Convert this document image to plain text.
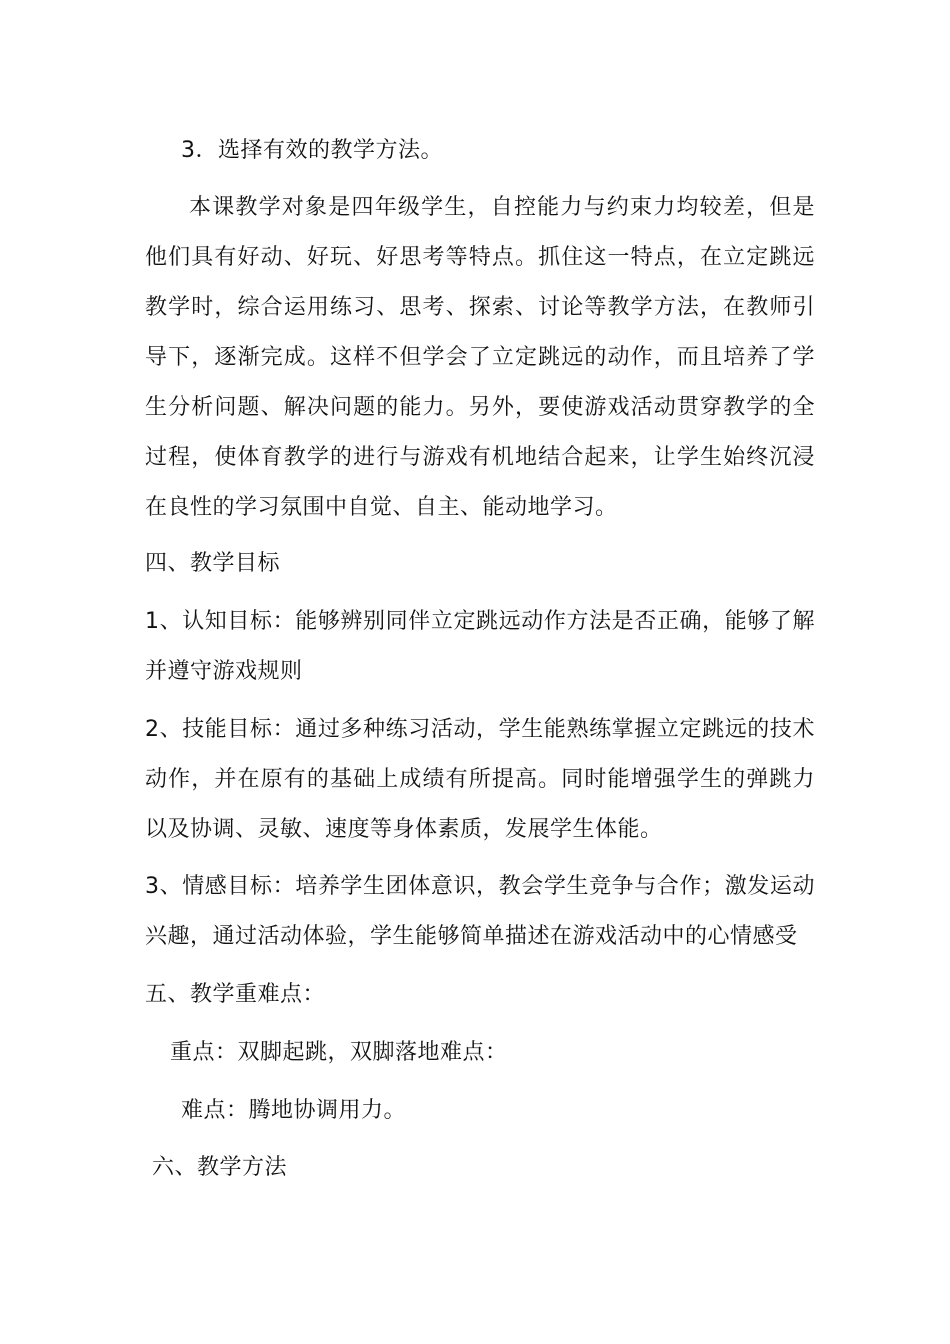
3．选择有效的教学方法。
本课教学对象是四年级学生，自控能力与约束力均较差，但是他们具有好动、好玩、好思考等特点。抓住这一特点，在立定跳远教学时，综合运用练习、思考、探索、讨论等教学方法，在教师引导下，逐渐完成。这样不但学会了立定跳远的动作，而且培养了学生分析问题、解决问题的能力。另外，要使游戏活动贯穿教学的全过程，使体育教学的进行与游戏有机地结合起来，让学生始终沉浸在良性的学习氛围中自觉、自主、能动地学习。
四、教学目标
1、认知目标：能够辨别同伴立定跳远动作方法是否正确，能够了解并遵守游戏规则
2、技能目标：通过多种练习活动，学生能熟练掌握立定跳远的技术动作，并在原有的基础上成绩有所提高。同时能增强学生的弹跳力以及协调、灵敏、速度等身体素质，发展学生体能。
3、情感目标：培养学生团体意识，教会学生竞争与合作；激发运动兴趣，通过活动体验，学生能够简单描述在游戏活动中的心情感受
五、教学重难点：
重点：双脚起跳，双脚落地难点：
难点：腾地协调用力。
六、教学方法
